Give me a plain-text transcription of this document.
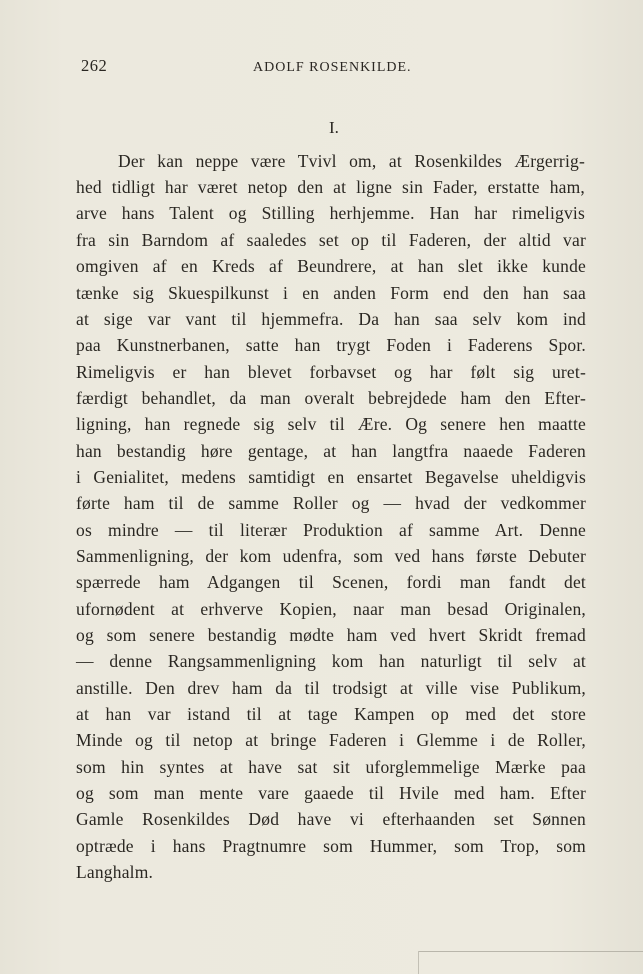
262	ADOLF ROSENKILDE.
I.
Der kan neppe være Tvivl om, at Rosenkildes Ærgerrig-
hed tidligt har været netop den at ligne sin Fader, erstatte ham,
arve hans Talent og Stilling herhjemme. Han har rimeligvis
fra sin Barndom af saaledes set op til Faderen, der altid var
omgiven af en Kreds af Beundrere, at han slet ikke kunde
tænke sig Skuespilkunst i en anden Form end den han saa
at sige var vant til hjemmefra. Da han saa selv kom ind
paa Kunstnerbanen, satte han trygt Foden i Faderens Spor.
Rimeligvis er han blevet forbavset og har følt sig uret-
færdigt behandlet, da man overalt bebrejdede ham den Efter-
ligning, han regnede sig selv til Ære. Og senere hen maatte
han bestandig høre gentage, at han langtfra naaede Faderen
i Genialitet, medens samtidigt en ensartet Begavelse uheldigvis
førte ham til de samme Roller og — hvad der vedkommer
os mindre — til literær Produktion af samme Art. Denne
Sammenligning, der kom udenfra, som ved hans første Debuter
spærrede ham Adgangen til Scenen, fordi man fandt det
ufornødent at erhverve Kopien, naar man besad Originalen,
og som senere bestandig mødte ham ved hvert Skridt fremad
— denne Rangsammenligning kom han naturligt til selv at
anstille. Den drev ham da til trodsigt at ville vise Publikum,
at han var istand til at tage Kampen op med det store
Minde og til netop at bringe Faderen i Glemme i de Roller,
som hin syntes at have sat sit uforglemmelige Mærke paa
og som man mente vare gaaede til Hvile med ham. Efter
Gamle Rosenkildes Død have vi efterhaanden set Sønnen
optræde i hans Pragtnumre som Hummer, som Trop, som
Langhalm.
